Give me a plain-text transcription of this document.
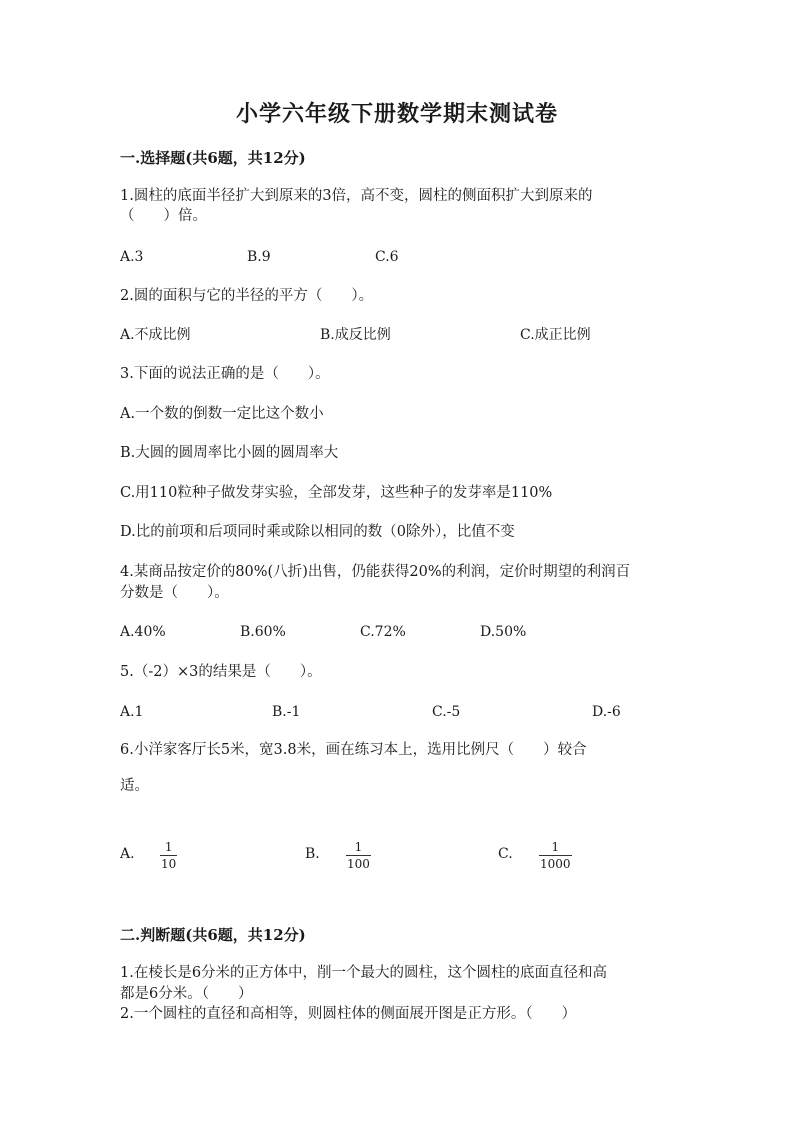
小学六年级下册数学期末测试卷
一.选择题(共6题，共12分)
1.圆柱的底面半径扩大到原来的3倍，高不变，圆柱的侧面积扩大到原来的
（　　）倍。
A.3	B.9	C.6
2.圆的面积与它的半径的平方（　　）。
A.不成比例	B.成反比例	C.成正比例
3.下面的说法正确的是（　　）。
A.一个数的倒数一定比这个数小
B.大圆的圆周率比小圆的圆周率大
C.用110粒种子做发芽实验，全部发芽，这些种子的发芽率是110%
D.比的前项和后项同时乘或除以相同的数（0除外），比值不变
4.某商品按定价的80%(八折)出售，仍能获得20%的利润，定价时期望的利润百
分数是（　　）。
A.40%	B.60%	C.72%	D.50%
5.（-2）×3的结果是（　　）。
A.1	B.-1	C.-5	D.-6
6.小洋家客厅长5米，宽3.8米，画在练习本上，选用比例尺（　　）较合
适。
A.	1
10
B.	1
100
C.	1
1000
二.判断题(共6题，共12分)
1.在棱长是6分米的正方体中，削一个最大的圆柱，这个圆柱的底面直径和高
都是6分米。（　　）
2.一个圆柱的直径和高相等，则圆柱体的侧面展开图是正方形。（　　）
